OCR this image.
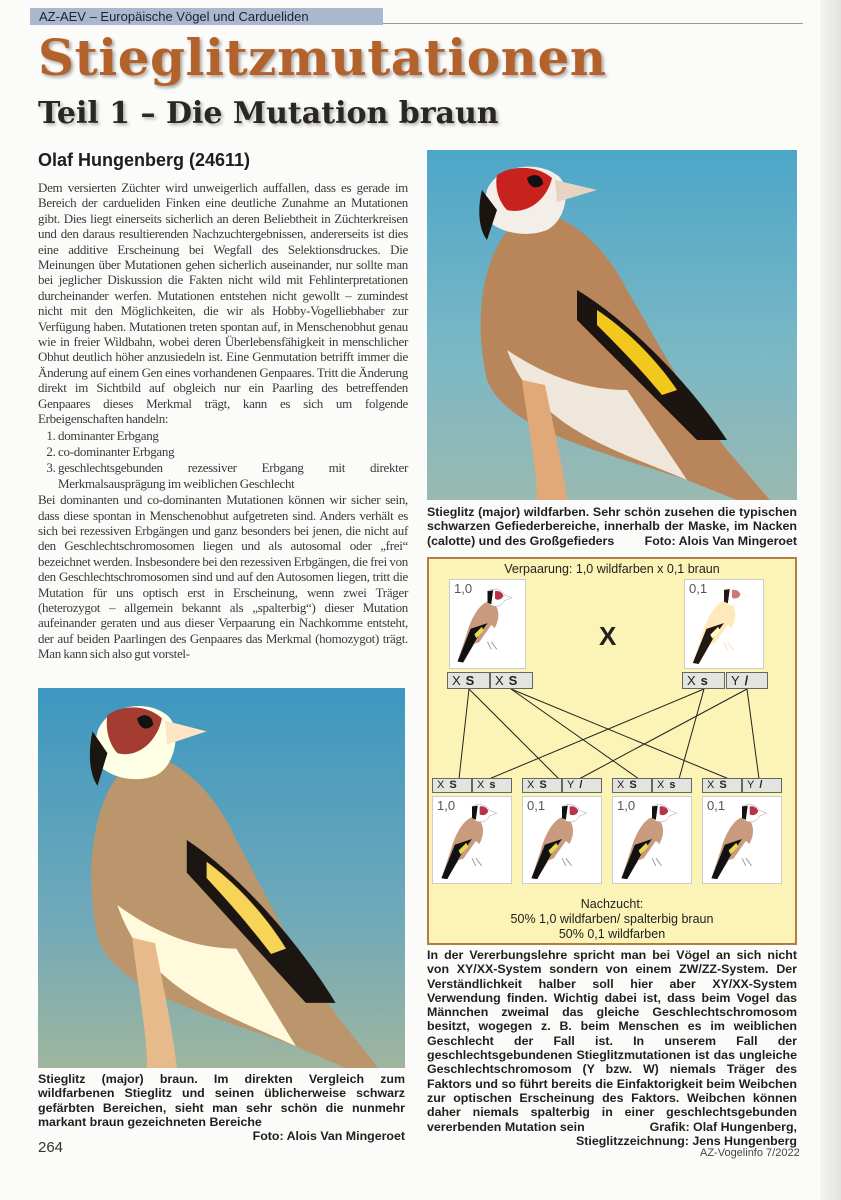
AZ-AEV – Europäische Vögel und Cardueliden
Stieglitzmutationen
Teil 1 – Die Mutation braun
Olaf Hungenberg (24611)

Dem versierten Züchter wird unweigerlich auffallen, dass es gerade im Bereich der cardueliden Finken eine deutliche Zunahme an Mutationen gibt. Dies liegt einerseits sicherlich an deren Beliebtheit in Züchterkreisen und den daraus resultierenden Nachzuchtergebnissen, andererseits ist dies eine additive Erscheinung bei Wegfall des Selektionsdruckes. Die Meinungen über Mutationen gehen sicherlich auseinander, nur sollte man bei jeglicher Diskussion die Fakten nicht wild mit Fehlinterpretationen durcheinander werfen. Mutationen entstehen nicht gewollt – zumindest nicht mit den Möglichkeiten, die wir als Hobby-Vogelliebhaber zur Verfügung haben. Mutationen treten spontan auf, in Menschenobhut genau wie in freier Wildbahn, wobei deren Überlebensfähigkeit in menschlicher Obhut deutlich höher anzusiedeln ist. Eine Genmutation betrifft immer die Änderung auf einem Gen eines vorhandenen Genpaares. Tritt die Änderung direkt im Sichtbild auf obgleich nur ein Paarling des betreffenden Genpaares dieses Merkmal trägt, kann es sich um folgende Erbeigenschaften handeln:

1. dominanter Erbgang
2. co-dominanter Erbgang
3. geschlechtsgebunden rezessiver Erbgang mit direkter Merkmalsausprägung im weiblichen Geschlecht

Bei dominanten und co-dominanten Mutationen können wir sicher sein, dass diese spontan in Menschenobhut aufgetreten sind. Anders verhält es sich bei rezessiven Erbgängen und ganz besonders bei jenen, die nicht auf den Geschlechtschromosomen liegen und als autosomal oder „frei“ bezeichnet werden. Insbesondere bei den rezessiven Erbgängen, die frei von den Geschlechtschromosomen sind und auf den Autosomen liegen, tritt die Mutation für uns optisch erst in Erscheinung, wenn zwei Träger (heterozygot – allgemein bekannt als „spalterbig“) dieser Mutation aufeinander geraten und aus dieser Verpaarung ein Nachkomme entsteht, der auf beiden Paarlingen des Genpaares das Merkmal (homozygot) trägt. Man kann sich also gut vorstel-

Stieglitz (major) wildfarben. Sehr schön zusehen die typischen schwarzen Gefiederbereiche, innerhalb der Maske, im Nacken (calotte) und des Großgefieders Foto: Alois Van Mingeroet
Stieglitz (major) braun. Im direkten Vergleich zum wildfarbenen Stieglitz und seinen üblicherweise schwarz gefärbten Bereichen, sieht man sehr schön die nunmehr markant braun gezeichneten Bereiche
Foto: Alois Van Mingeroet
Verpaarung: 1,0 wildfarben x 0,1 braun
1,0	0,1
X
X S	X S	X s	Y /
X S	X s
1,0
X S	Y /
0,1
X S	X s
1,0
X S	Y /
0,1
Nachzucht:
50% 1,0 wildfarben/ spalterbig braun
50% 0,1 wildfarben
In der Vererbungslehre spricht man bei Vögel an sich nicht von XY/XX-System sondern von einem ZW/ZZ-System. Der Verständlichkeit halber soll hier aber XY/XX-System Verwendung finden. Wichtig dabei ist, dass beim Vogel das Männchen zweimal das gleiche Geschlechtschromosom besitzt, wogegen z. B. beim Menschen es im weiblichen Geschlecht der Fall ist. In unserem Fall der geschlechtsgebundenen Stieglitzmutationen ist das ungleiche Geschlechtschromosom (Y bzw. W) niemals Träger des Faktors und so führt bereits die Einfaktorigkeit beim Weibchen zur optischen Erscheinung des Faktors. Weibchen können daher niemals spalterbig in einer geschlechtsgebunden vererbenden Mutation sein	Grafik: Olaf Hungenberg,
Stieglitzzeichnung: Jens Hungenberg
264	AZ-Vogelinfo 7/2022
